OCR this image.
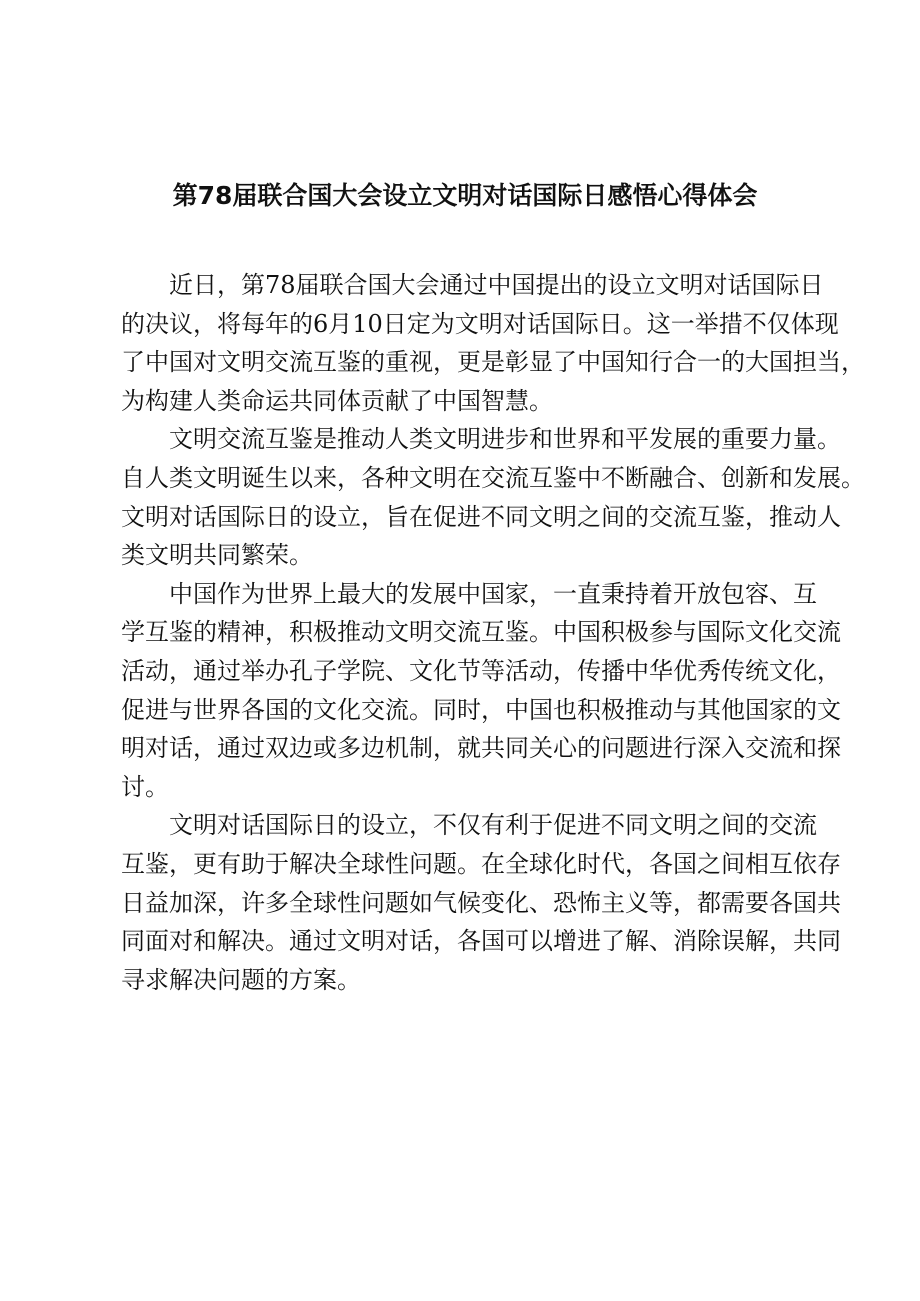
第78届联合国大会设立文明对话国际日感悟心得体会

近日，第78届联合国大会通过中国提出的设立文明对话国际日
的决议，将每年的6月10日定为文明对话国际日。这一举措不仅体现
了中国对文明交流互鉴的重视，更是彰显了中国知行合一的大国担当，
为构建人类命运共同体贡献了中国智慧。

文明交流互鉴是推动人类文明进步和世界和平发展的重要力量。
自人类文明诞生以来，各种文明在交流互鉴中不断融合、创新和发展。
文明对话国际日的设立，旨在促进不同文明之间的交流互鉴，推动人
类文明共同繁荣。

中国作为世界上最大的发展中国家，一直秉持着开放包容、互
学互鉴的精神，积极推动文明交流互鉴。中国积极参与国际文化交流
活动，通过举办孔子学院、文化节等活动，传播中华优秀传统文化，
促进与世界各国的文化交流。同时，中国也积极推动与其他国家的文
明对话，通过双边或多边机制，就共同关心的问题进行深入交流和探
讨。

文明对话国际日的设立，不仅有利于促进不同文明之间的交流
互鉴，更有助于解决全球性问题。在全球化时代，各国之间相互依存
日益加深，许多全球性问题如气候变化、恐怖主义等，都需要各国共
同面对和解决。通过文明对话，各国可以增进了解、消除误解，共同
寻求解决问题的方案。
